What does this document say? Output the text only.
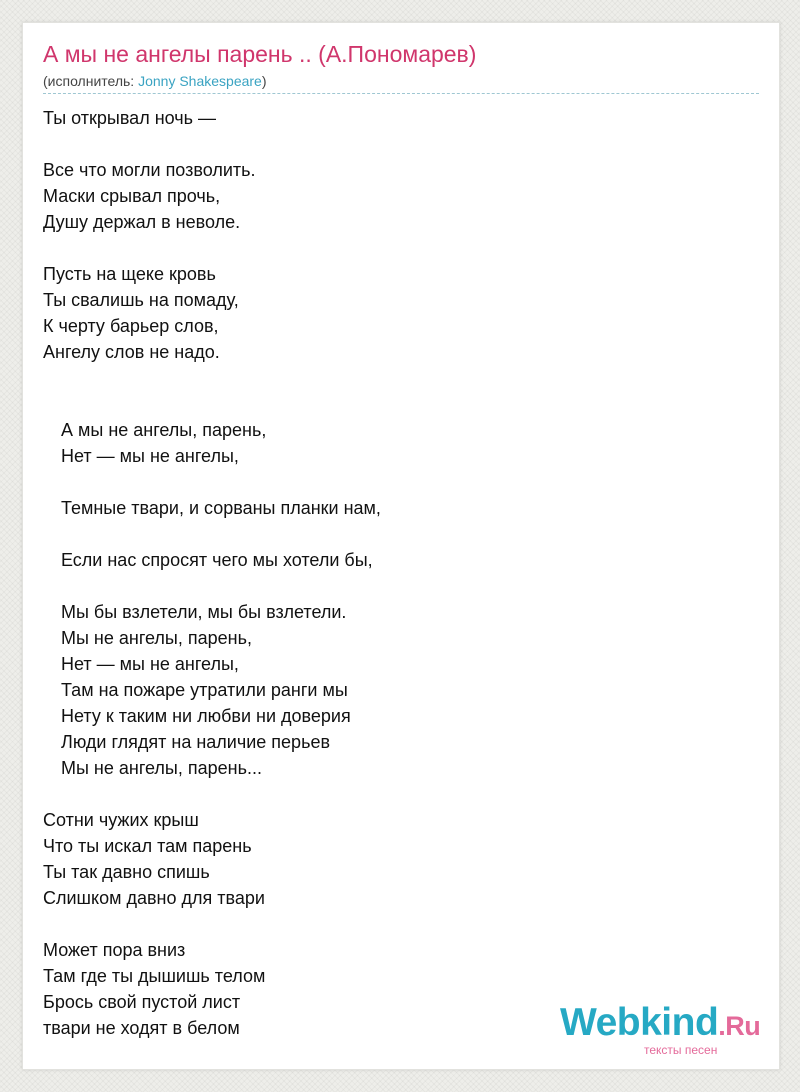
А мы не ангелы парень .. (А.Пономарев)
(исполнитель: Jonny Shakespeare)
Ты открывал ночь —
Все что могли позволить.
Маски срывал прочь,
Душу держал в неволе.
Пусть на щеке кровь
Ты свалишь на помаду,
К черту барьер слов,
Ангелу слов не надо.
А мы не ангелы, парень,
Нет — мы не ангелы,
Темные твари, и сорваны планки нам,
Если нас спросят чего мы хотели бы,
Мы бы взлетели, мы бы взлетели.
Мы не ангелы, парень,
Нет — мы не ангелы,
Там на пожаре утратили ранги мы
Нету к таким ни любви ни доверия
Люди глядят на наличие перьев
Мы не ангелы, парень...
Сотни чужих крыш
Что ты искал там парень
Ты так давно спишь
Слишком давно для твари
Может пора вниз
Там где ты дышишь телом
Брось свой пустой лист
твари не ходят в белом	Webkind.Ru
тексты песен
